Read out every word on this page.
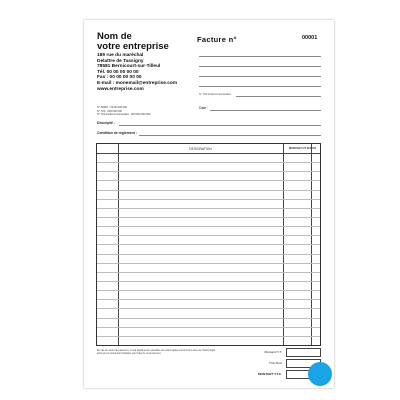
Nom de
votre entreprise
189 rue du maréchal
Delattre de Tassigny
78581 Bernicourt-sur-Tilleul
Tél. 00 00 00 00 00
Fax : 00 00 00 00 00
E-mail : monemail@entreprise.com
www.entreprise.com
N° SIRET : 00 00 000 000
N° TVA : 000 000 000
N° TVA intracommunautaire : 000 000 000 000
Facture n°	00001
N° TVA intracommunautaire :
Date :
Descriptif :
Condition de règlement :
DESIGNATION	MONTANT HT EUROS
En cas de retard de paiement, il sera appliqué des pénalités de retard égales à trois fois le taux de l'intérêt légal, ainsi qu'une indemnité forfaitaire pour frais de recouvrement.	Montant H.T.
TVA Taux
MONTANT T.T.C.
